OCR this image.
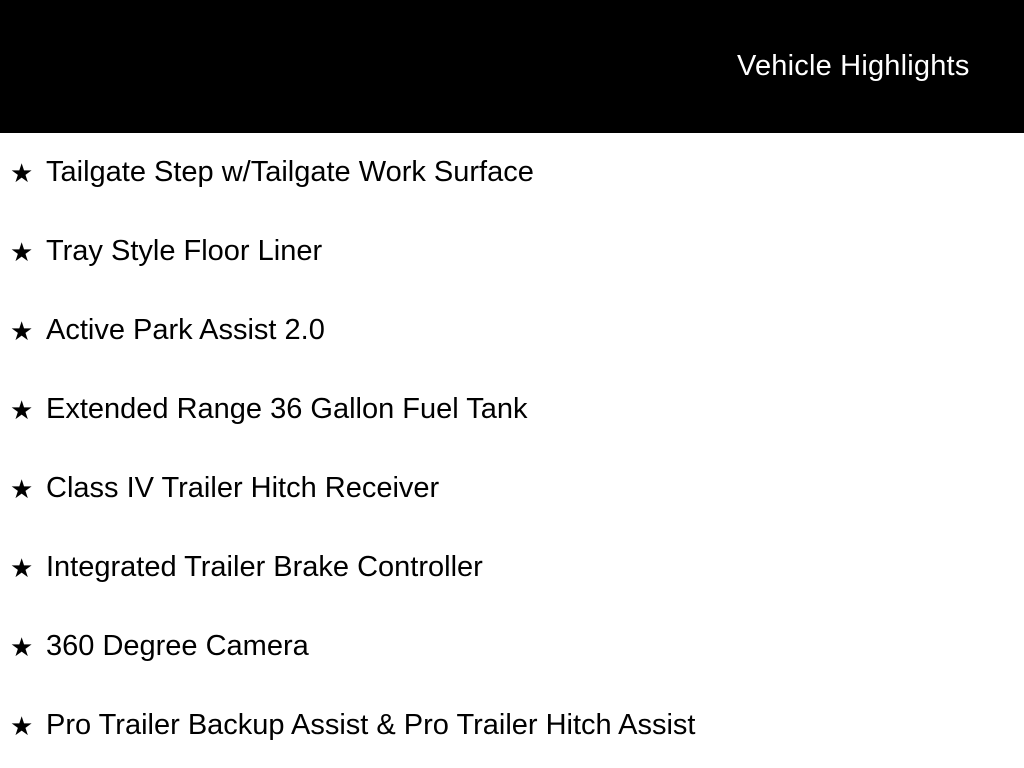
Vehicle Highlights
★ Tailgate Step w/Tailgate Work Surface
★ Tray Style Floor Liner
★ Active Park Assist 2.0
★ Extended Range 36 Gallon Fuel Tank
★ Class IV Trailer Hitch Receiver
★ Integrated Trailer Brake Controller
★ 360 Degree Camera
★ Pro Trailer Backup Assist & Pro Trailer Hitch Assist
